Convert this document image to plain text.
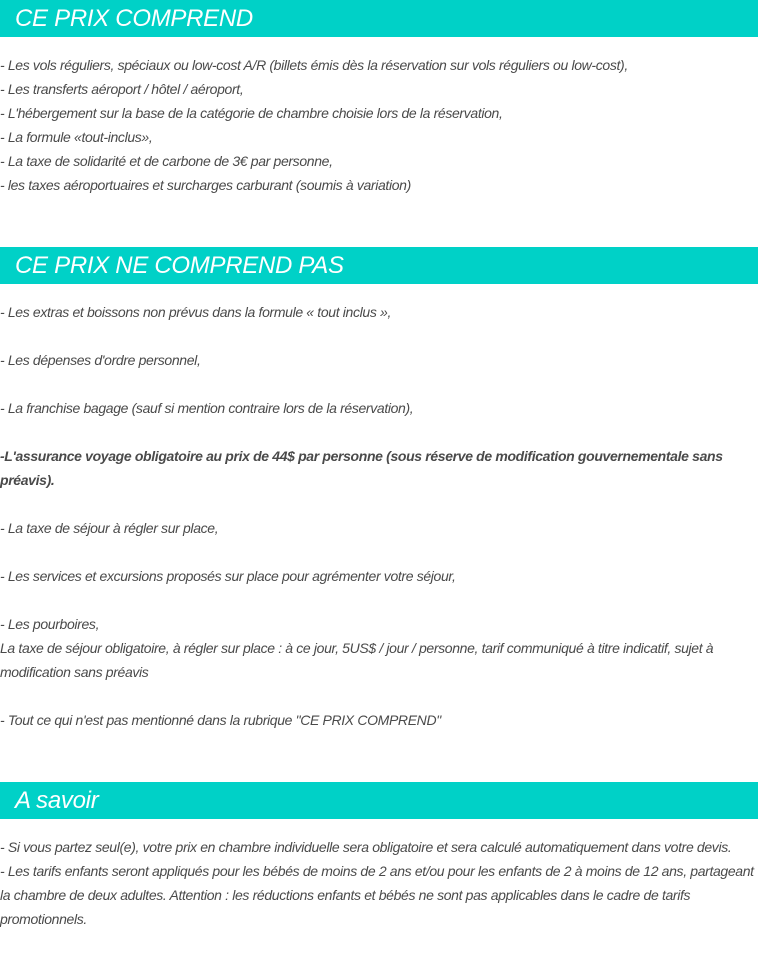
CE PRIX COMPREND
- Les vols réguliers, spéciaux ou low-cost A/R (billets émis dès la réservation sur vols réguliers ou low-cost),
- Les transferts aéroport / hôtel / aéroport,
- L'hébergement sur la base de la catégorie de chambre choisie lors de la réservation,
- La formule «tout-inclus»,
- La taxe de solidarité et de carbone de 3€ par personne,
- les taxes aéroportuaires et surcharges carburant (soumis à variation)
CE PRIX NE COMPREND PAS
- Les extras et boissons non prévus dans la formule « tout inclus »,
- Les dépenses d'ordre personnel,
- La franchise bagage (sauf si mention contraire lors de la réservation),
-L'assurance voyage obligatoire au prix de 44$ par personne (sous réserve de modification gouvernementale sans préavis).
- La taxe de séjour à régler sur place,
- Les services et excursions proposés sur place pour agrémenter votre séjour,
- Les pourboires,
La taxe de séjour obligatoire, à régler sur place : à ce jour, 5US$ / jour / personne, tarif communiqué à titre indicatif, sujet à modification sans préavis
- Tout ce qui n'est pas mentionné dans la rubrique "CE PRIX COMPREND"
A savoir
- Si vous partez seul(e), votre prix en chambre individuelle sera obligatoire et sera calculé automatiquement dans votre devis.
- Les tarifs enfants seront appliqués pour les bébés de moins de 2 ans et/ou pour les enfants de 2 à moins de 12 ans, partageant la chambre de deux adultes. Attention : les réductions enfants et bébés ne sont pas applicables dans le cadre de tarifs promotionnels.
